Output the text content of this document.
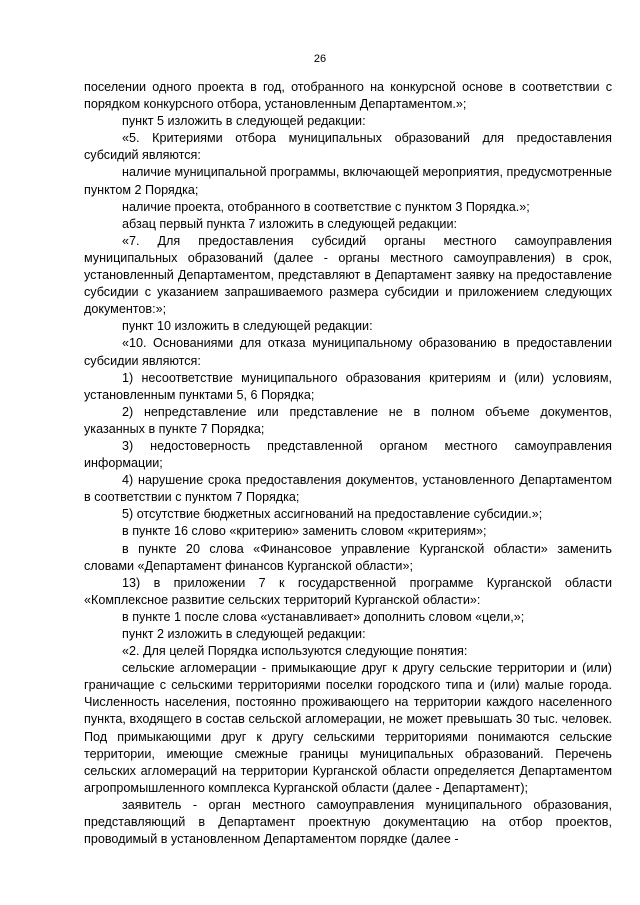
26

поселении одного проекта в год, отобранного на конкурсной основе в соответствии с порядком конкурсного отбора, установленным Департаментом.»;

пункт 5 изложить в следующей редакции:

«5. Критериями отбора муниципальных образований для предоставления субсидий являются:

наличие муниципальной программы, включающей мероприятия, предусмотренные пунктом 2 Порядка;

наличие проекта, отобранного в соответствие с пунктом 3 Порядка.»;

абзац первый пункта 7 изложить в следующей редакции:

«7. Для предоставления субсидий органы местного самоуправления муниципальных образований (далее - органы местного самоуправления) в срок, установленный Департаментом, представляют в Департамент заявку на предоставление субсидии с указанием запрашиваемого размера субсидии и приложением следующих документов:»;

пункт 10 изложить в следующей редакции:

«10. Основаниями для отказа муниципальному образованию в предоставлении субсидии являются:

1) несоответствие муниципального образования критериям и (или) условиям, установленным пунктами 5, 6 Порядка;

2) непредставление или представление не в полном объеме документов, указанных в пункте 7 Порядка;

3) недостоверность представленной органом местного самоуправления информации;

4) нарушение срока предоставления документов, установленного Департаментом в соответствии с пунктом 7 Порядка;

5) отсутствие бюджетных ассигнований на предоставление субсидии.»;

в пункте 16 слово «критерию» заменить словом «критериям»;

в пункте 20 слова «Финансовое управление Курганской области» заменить словами «Департамент финансов Курганской области»;

13) в приложении 7 к государственной программе Курганской области «Комплексное развитие сельских территорий Курганской области»:

в пункте 1 после слова «устанавливает» дополнить словом «цели,»;

пункт 2 изложить в следующей редакции:

«2. Для целей Порядка используются следующие понятия:

сельские агломерации - примыкающие друг к другу сельские территории и (или) граничащие с сельскими территориями поселки городского типа и (или) малые города. Численность населения, постоянно проживающего на территории каждого населенного пункта, входящего в состав сельской агломерации, не может превышать 30 тыс. человек. Под примыкающими друг к другу сельскими территориями понимаются сельские территории, имеющие смежные границы муниципальных образований. Перечень сельских агломераций на территории Курганской области определяется Департаментом агропромышленного комплекса Курганской области (далее - Департамент);

заявитель - орган местного самоуправления муниципального образования, представляющий в Департамент проектную документацию на отбор проектов, проводимый в установленном Департаментом порядке (далее -
